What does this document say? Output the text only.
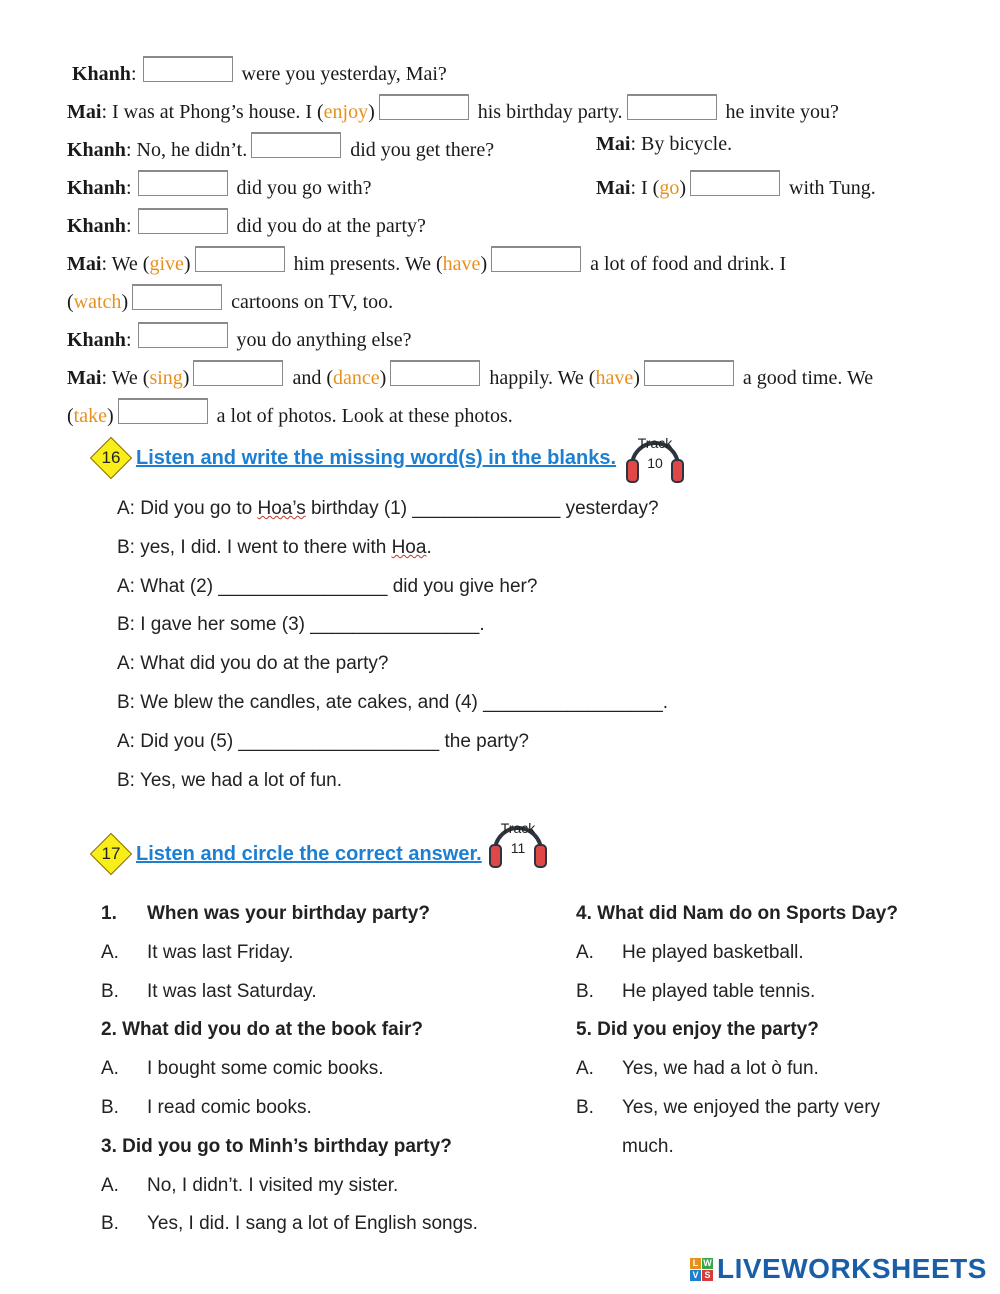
Khanh:	were you yesterday, Mai?
Mai: I was at Phong’s house. I (enjoy)	his birthday party.	he invite you?
Khanh: No, he didn’t.	did you get there?	Mai: By bicycle.
Khanh:	did you go with?	Mai: I (go)	with Tung.
Khanh:	did you do at the party?
Mai: We (give)	him presents. We (have)	a lot of food and drink. I
(watch)	cartoons on TV, too.
Khanh:	you do anything else?
Mai: We (sing)	and (dance)	happily. We (have)	a good time. We
(take)	a lot of photos. Look at these photos.
16 Listen and write the missing word(s) in the blanks.
Track
10
A: Did you go to Hoa’s birthday (1) ______________ yesterday?
B: yes, I did. I went to there with Hoa.
A: What (2) ________________ did you give her?
B: I gave her some (3) ________________.
A: What did you do at the party?
B: We blew the candles, ate cakes, and (4) _________________.
A: Did you (5) ___________________ the party?
B: Yes, we had a lot of fun.
17 Listen and circle the correct answer.
Track
11
1. When was your birthday party?
A. It was last Friday.
B. It was last Saturday.
2. What did you do at the book fair?
A. I bought some comic books.
B. I read comic books.
3. Did you go to Minh’s birthday party?
A. No, I didn’t. I visited my sister.
B. Yes, I did. I sang a lot of English songs.
4. What did Nam do on Sports Day?
A. He played basketball.
B. He played table tennis.
5. Did you enjoy the party?
A. Yes, we had a lot ò fun.
B. Yes, we enjoyed the party very
much.
L W
V S LIVEWORKSHEETS
